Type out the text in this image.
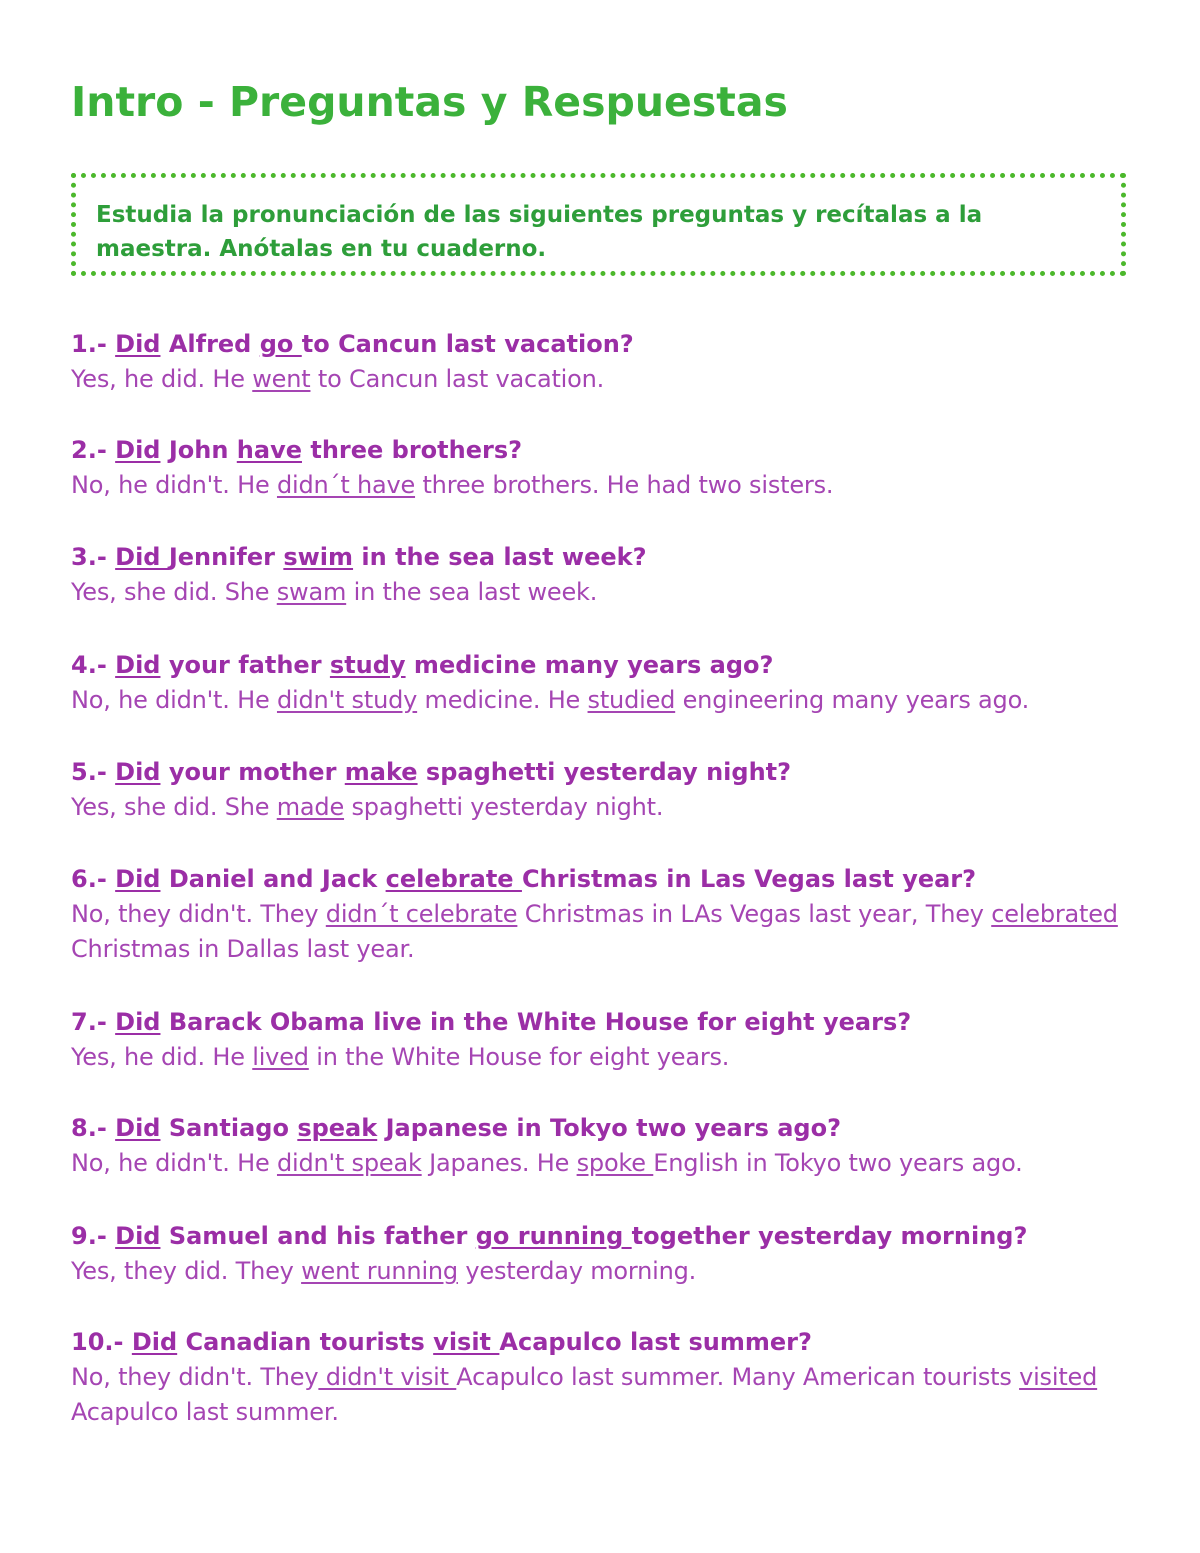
Intro - Preguntas y Respuestas
Estudia la pronunciación de las siguientes preguntas y recítalas a la maestra. Anótalas en tu cuaderno.

1.- Did Alfred go to Cancun last vacation?

Yes, he did. He went to Cancun last vacation.

2.- Did John have three brothers?

No, he didn't. He didn´t have three brothers. He had two sisters.

3.- Did Jennifer swim in the sea last week?

Yes, she did. She swam in the sea last week.

4.- Did your father study medicine many years ago?

No, he didn't. He didn't study medicine. He studied engineering many years ago.

5.- Did your mother make spaghetti yesterday night?

Yes, she did. She made spaghetti yesterday night.

6.- Did Daniel and Jack celebrate Christmas in Las Vegas last year?

No, they didn't. They didn´t celebrate Christmas in LAs Vegas last year, They celebrated Christmas in Dallas last year.

7.- Did Barack Obama live in the White House for eight years?

Yes, he did. He lived in the White House for eight years.

8.- Did Santiago speak Japanese in Tokyo two years ago?

No, he didn't. He didn't speak Japanes. He spoke English in Tokyo two years ago.

9.- Did Samuel and his father go running together yesterday morning?

Yes, they did. They went running yesterday morning.

10.- Did Canadian tourists visit Acapulco last summer?

No, they didn't. They didn't visit Acapulco last summer. Many American tourists visited Acapulco last summer.
